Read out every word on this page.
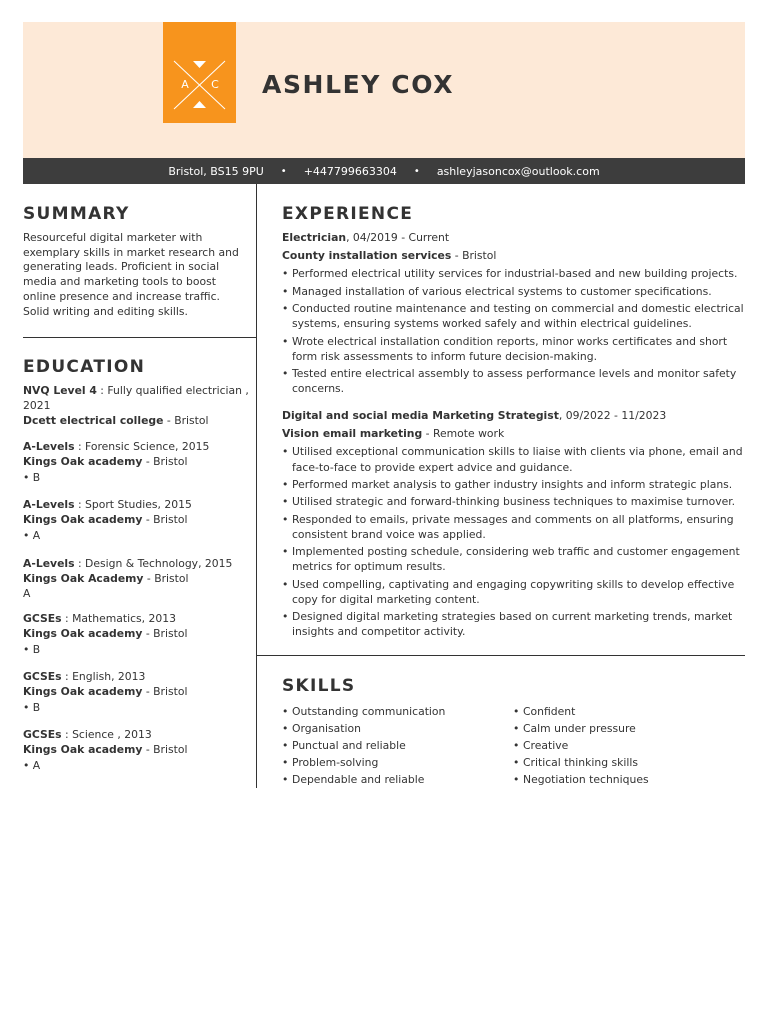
A C ASHLEY COX
Bristol, BS15 9PU • +447799663304 • ashleyjasoncox@outlook.com
SUMMARY

Resourceful digital marketer with exemplary skills in market research and generating leads. Proficient in social media and marketing tools to boost online presence and increase traffic. Solid writing and editing skills.

EDUCATION
NVQ Level 4 : Fully qualified electrician , 2021
Dcett electrical college - Bristol
A-Levels : Forensic Science, 2015
Kings Oak academy - Bristol
• B
A-Levels : Sport Studies, 2015
Kings Oak academy - Bristol
• A
A-Levels : Design & Technology, 2015
Kings Oak Academy - Bristol
A
GCSEs : Mathematics, 2013
Kings Oak academy - Bristol
• B
GCSEs : English, 2013
Kings Oak academy - Bristol
• B
GCSEs : Science , 2013
Kings Oak academy - Bristol
• A
EXPERIENCE
Electrician, 04/2019 - Current
County installation services - Bristol
• Performed electrical utility services for industrial-based and new building projects.
• Managed installation of various electrical systems to customer specifications.
• Conducted routine maintenance and testing on commercial and domestic electrical systems, ensuring systems worked safely and within electrical guidelines.
• Wrote electrical installation condition reports, minor works certificates and short form risk assessments to inform future decision-making.
• Tested entire electrical assembly to assess performance levels and monitor safety concerns.
Digital and social media Marketing Strategist, 09/2022 - 11/2023
Vision email marketing - Remote work
• Utilised exceptional communication skills to liaise with clients via phone, email and face-to-face to provide expert advice and guidance.
• Performed market analysis to gather industry insights and inform strategic plans.
• Utilised strategic and forward-thinking business techniques to maximise turnover.
• Responded to emails, private messages and comments on all platforms, ensuring consistent brand voice was applied.
• Implemented posting schedule, considering web traffic and customer engagement metrics for optimum results.
• Used compelling, captivating and engaging copywriting skills to develop effective copy for digital marketing content.
• Designed digital marketing strategies based on current marketing trends, market insights and competitor activity.
SKILLS
• Outstanding communication
• Organisation
• Punctual and reliable
• Problem-solving
• Dependable and reliable
• Confident
• Calm under pressure
• Creative
• Critical thinking skills
• Negotiation techniques
